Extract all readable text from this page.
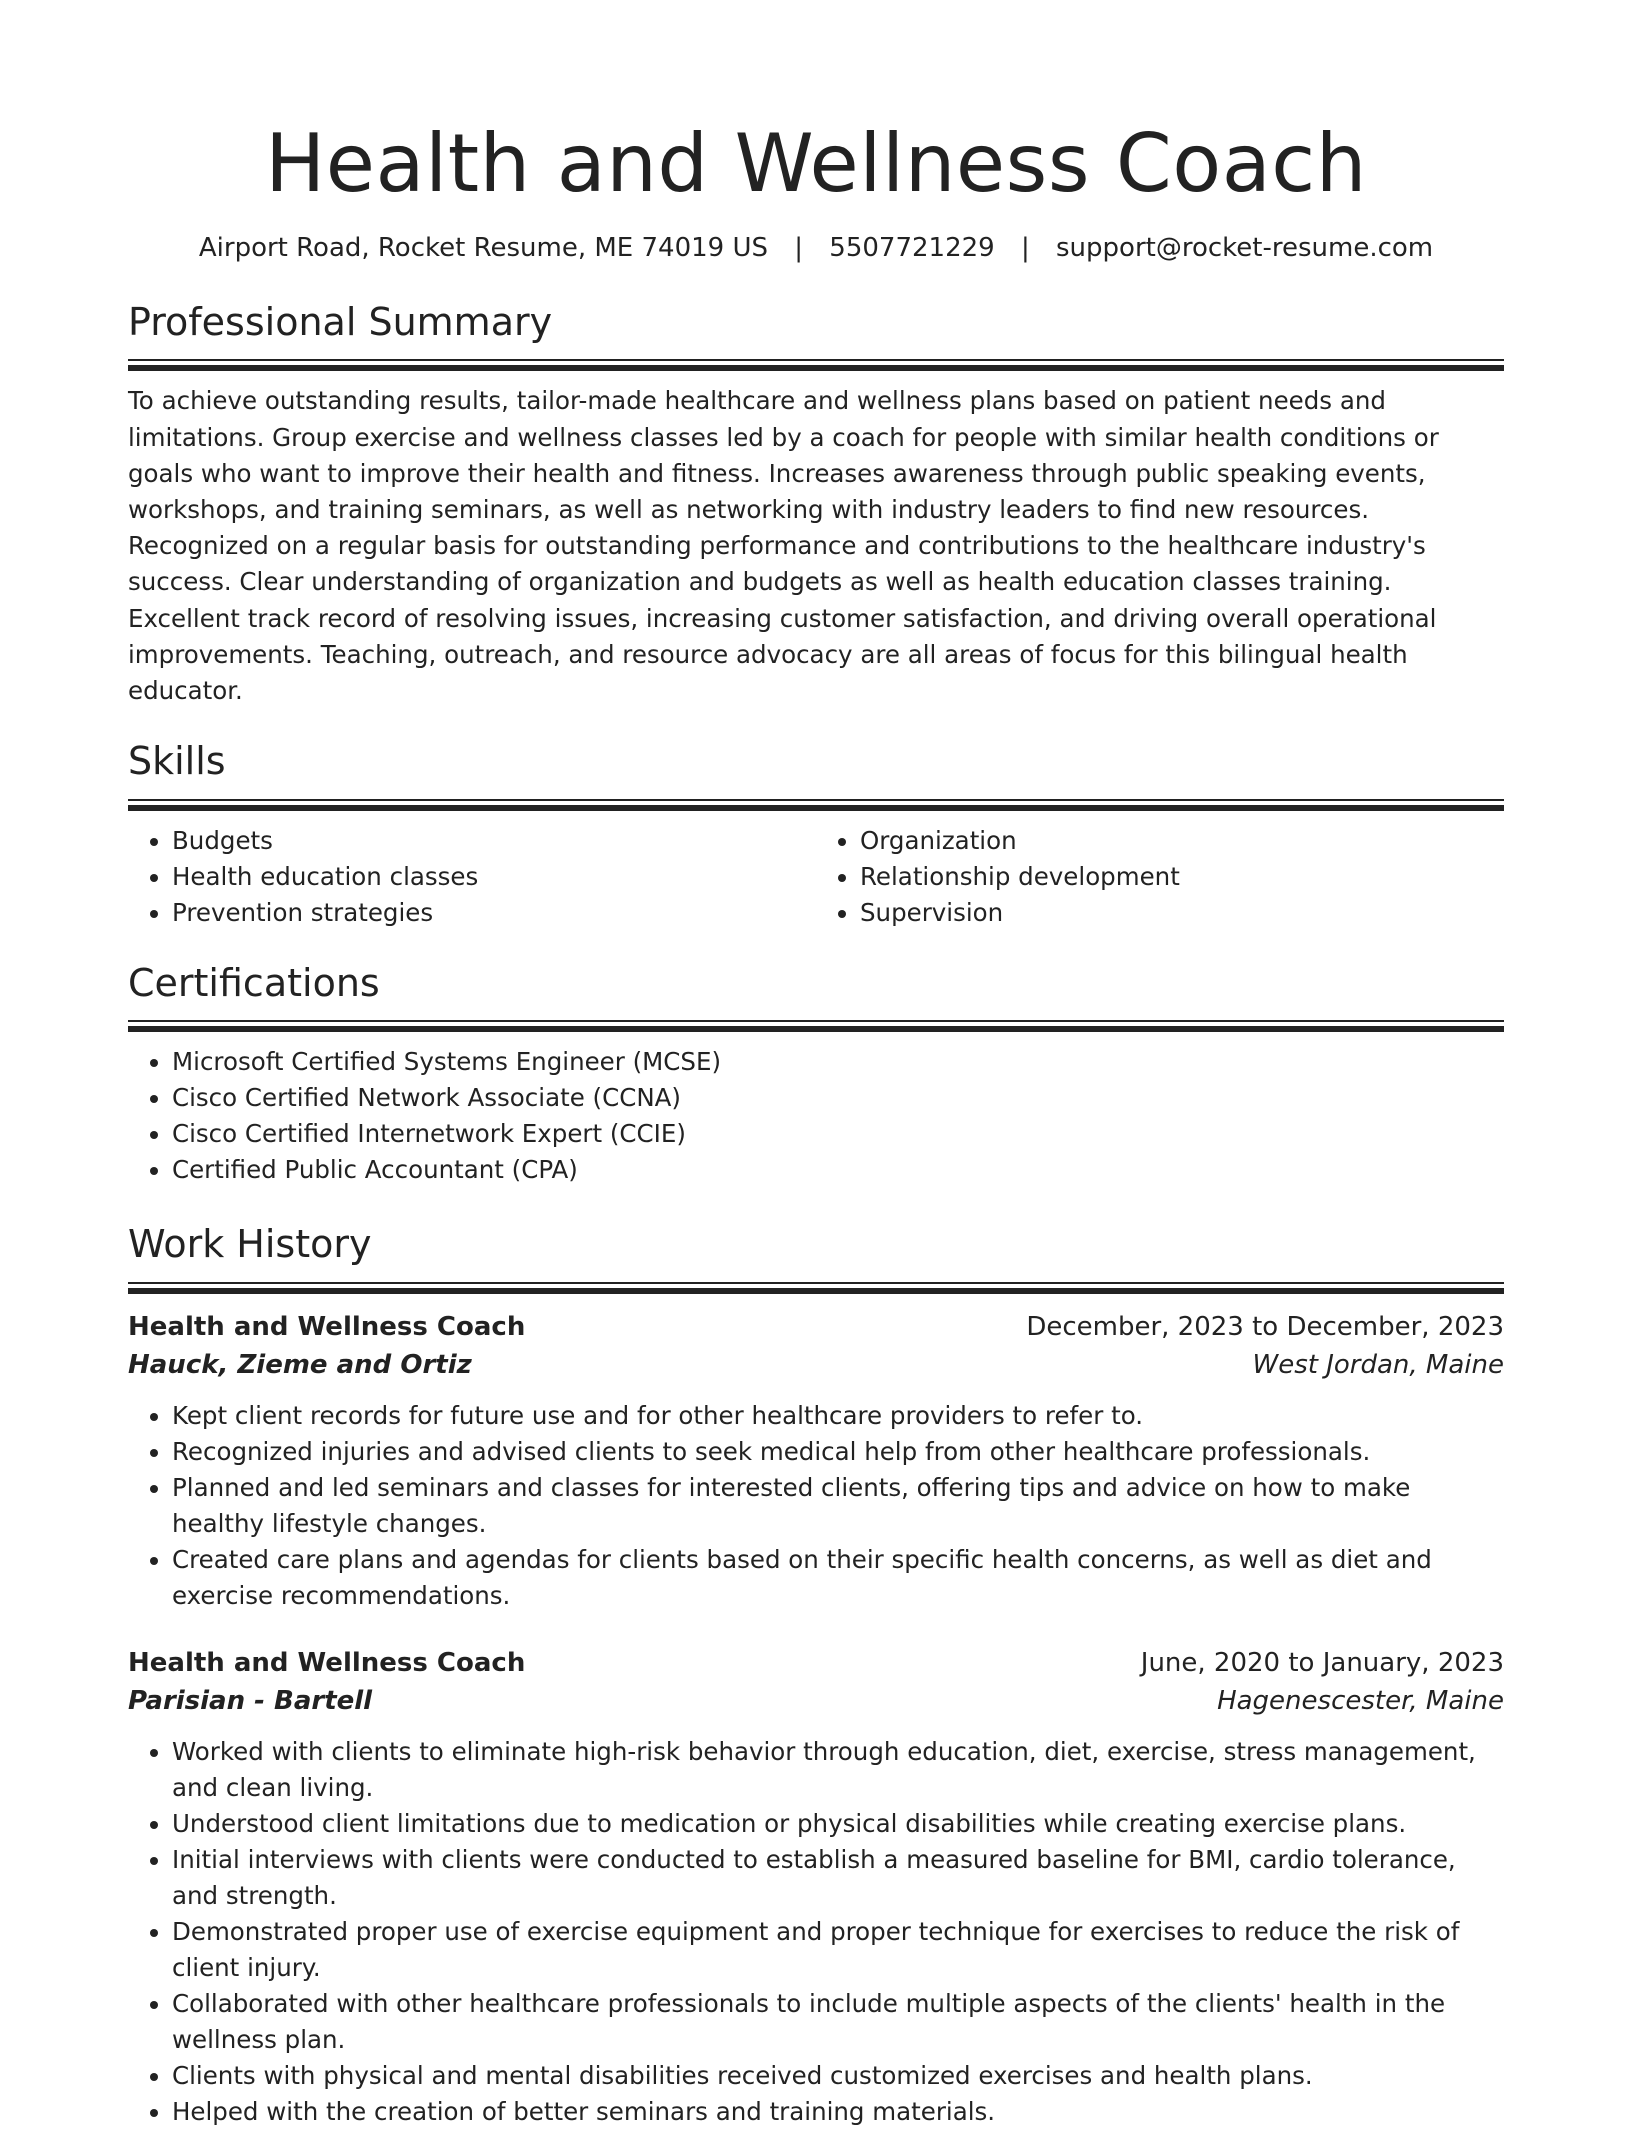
Health and Wellness Coach
Airport Road, Rocket Resume, ME 74019 US | 5507721229 | support@rocket-resume.com
Professional Summary
To achieve outstanding results, tailor-made healthcare and wellness plans based on patient needs and limitations. Group exercise and wellness classes led by a coach for people with similar health conditions or goals who want to improve their health and fitness. Increases awareness through public speaking events, workshops, and training seminars, as well as networking with industry leaders to find new resources. Recognized on a regular basis for outstanding performance and contributions to the healthcare industry's success. Clear understanding of organization and budgets as well as health education classes training. Excellent track record of resolving issues, increasing customer satisfaction, and driving overall operational improvements. Teaching, outreach, and resource advocacy are all areas of focus for this bilingual health educator.
Skills
• Budgets
• Health education classes
• Prevention strategies
• Organization
• Relationship development
• Supervision
Certifications
• Microsoft Certified Systems Engineer (MCSE)
• Cisco Certified Network Associate (CCNA)
• Cisco Certified Internetwork Expert (CCIE)
• Certified Public Accountant (CPA)
Work History
Health and Wellness Coach	December, 2023 to December, 2023
Hauck, Zieme and Ortiz	West Jordan, Maine
• Kept client records for future use and for other healthcare providers to refer to.
• Recognized injuries and advised clients to seek medical help from other healthcare professionals.
• Planned and led seminars and classes for interested clients, offering tips and advice on how to make healthy lifestyle changes.
• Created care plans and agendas for clients based on their specific health concerns, as well as diet and exercise recommendations.
Health and Wellness Coach	June, 2020 to January, 2023
Parisian - Bartell	Hagenescester, Maine
• Worked with clients to eliminate high-risk behavior through education, diet, exercise, stress management, and clean living.
• Understood client limitations due to medication or physical disabilities while creating exercise plans.
• Initial interviews with clients were conducted to establish a measured baseline for BMI, cardio tolerance, and strength.
• Demonstrated proper use of exercise equipment and proper technique for exercises to reduce the risk of client injury.
• Collaborated with other healthcare professionals to include multiple aspects of the clients' health in the wellness plan.
• Clients with physical and mental disabilities received customized exercises and health plans.
• Helped with the creation of better seminars and training materials.
